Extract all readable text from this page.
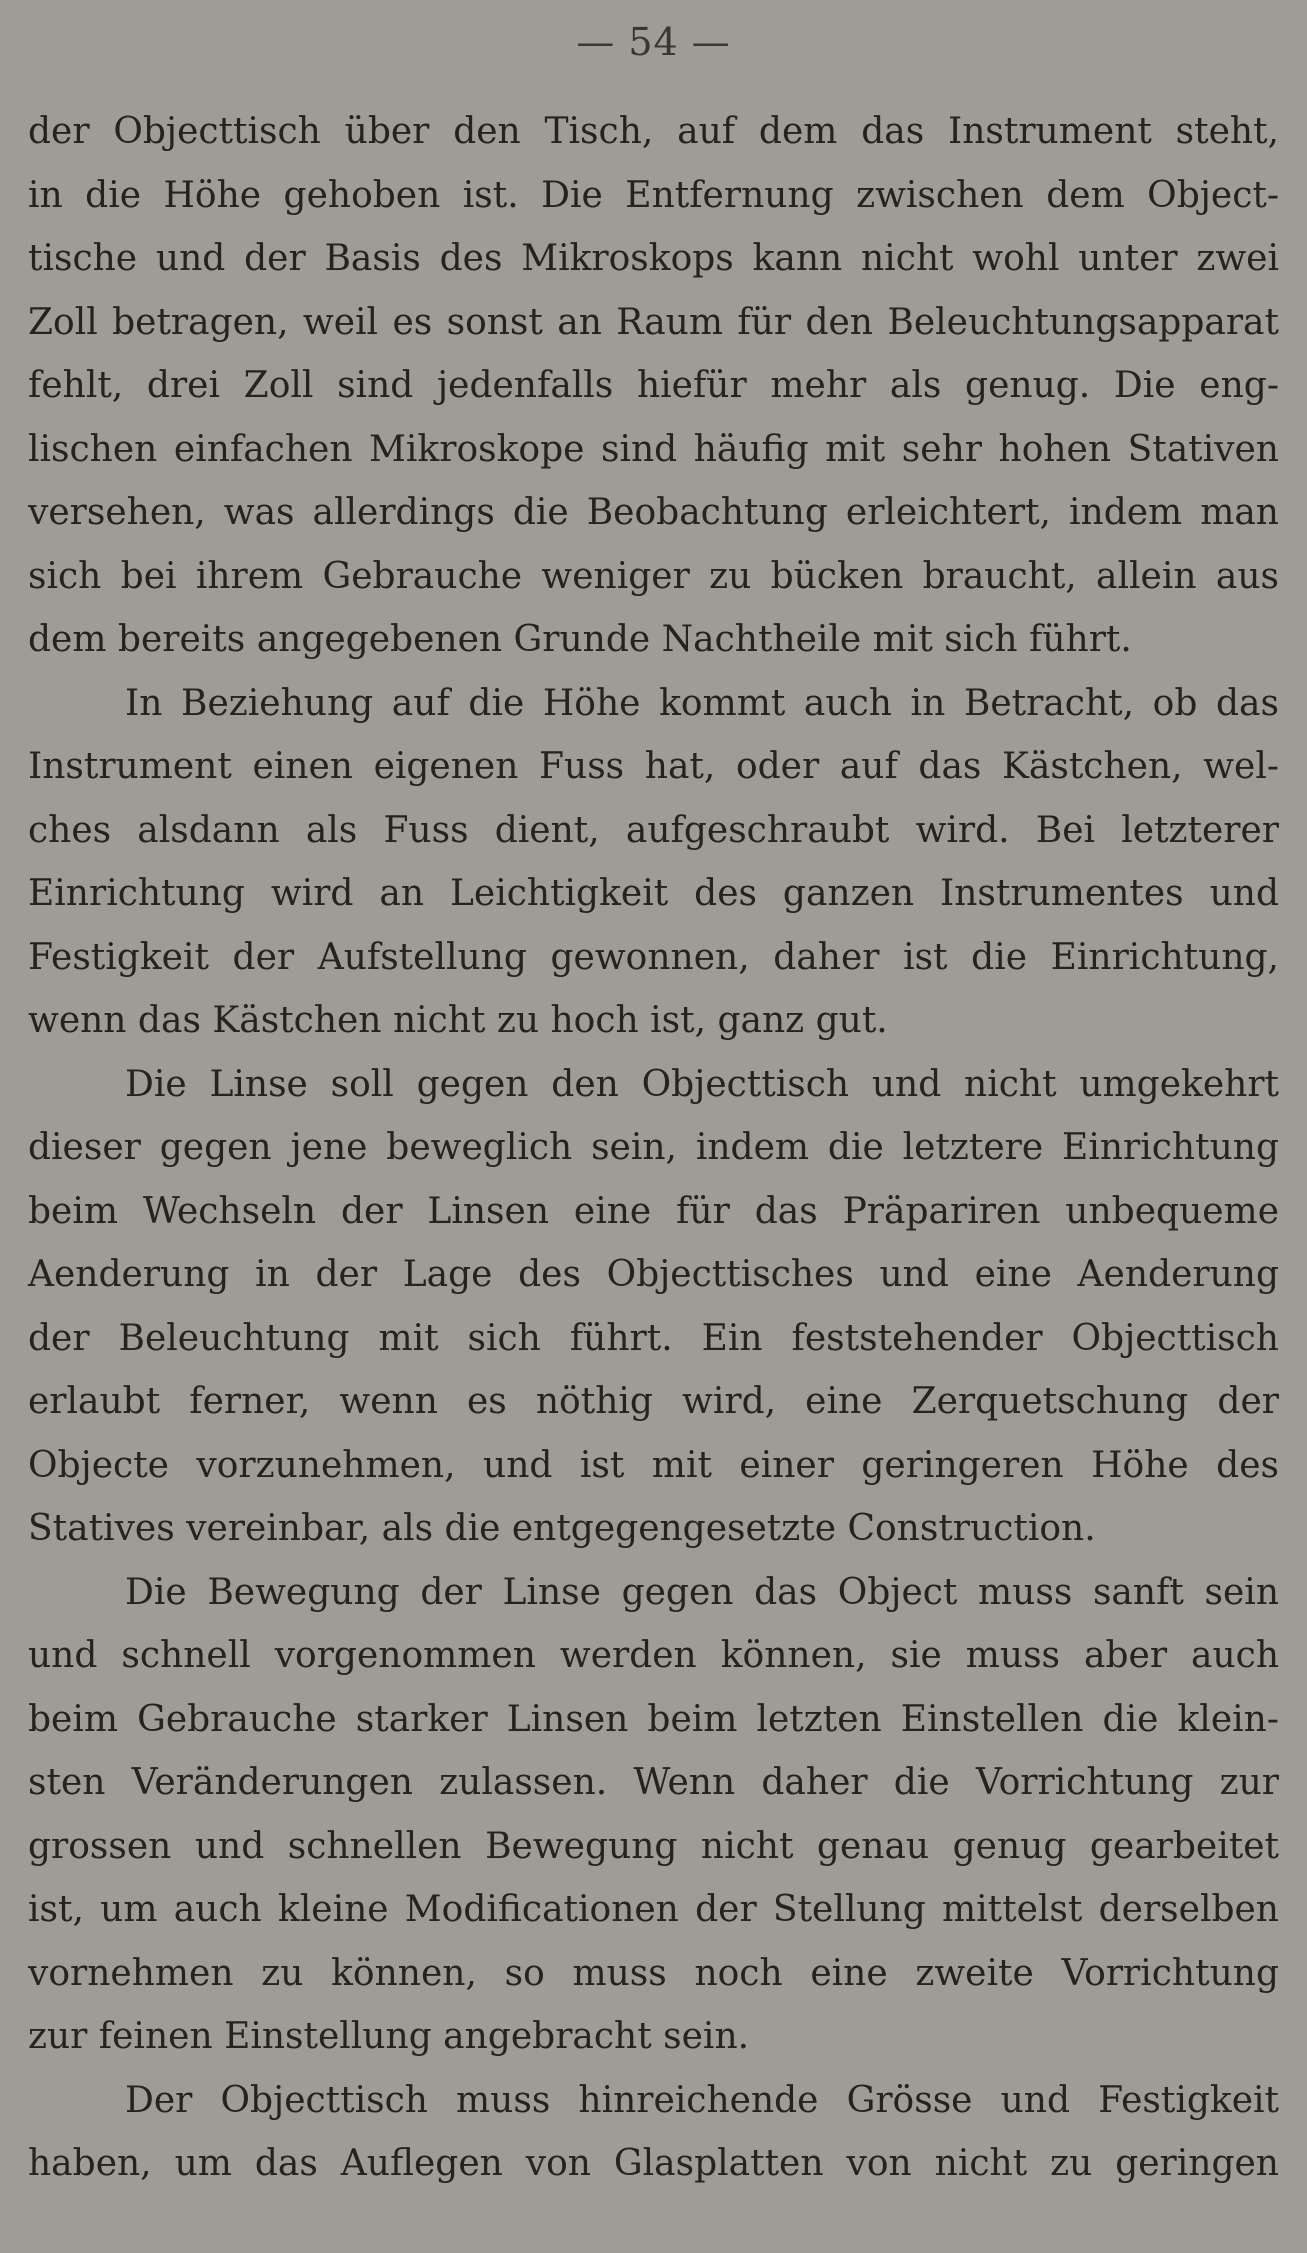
— 54 —
der Objecttisch über den Tisch, auf dem das Instrument steht,
in die Höhe gehoben ist. Die Entfernung zwischen dem Object-
tische und der Basis des Mikroskops kann nicht wohl unter zwei
Zoll betragen, weil es sonst an Raum für den Beleuchtungsapparat
fehlt, drei Zoll sind jedenfalls hiefür mehr als genug. Die eng-
lischen einfachen Mikroskope sind häufig mit sehr hohen Stativen
versehen, was allerdings die Beobachtung erleichtert, indem man
sich bei ihrem Gebrauche weniger zu bücken braucht, allein aus
dem bereits angegebenen Grunde Nachtheile mit sich führt.
In Beziehung auf die Höhe kommt auch in Betracht, ob das
Instrument einen eigenen Fuss hat, oder auf das Kästchen, wel-
ches alsdann als Fuss dient, aufgeschraubt wird. Bei letzterer
Einrichtung wird an Leichtigkeit des ganzen Instrumentes und
Festigkeit der Aufstellung gewonnen, daher ist die Einrichtung,
wenn das Kästchen nicht zu hoch ist, ganz gut.
Die Linse soll gegen den Objecttisch und nicht umgekehrt
dieser gegen jene beweglich sein, indem die letztere Einrichtung
beim Wechseln der Linsen eine für das Präpariren unbequeme
Aenderung in der Lage des Objecttisches und eine Aenderung
der Beleuchtung mit sich führt. Ein feststehender Objecttisch
erlaubt ferner, wenn es nöthig wird, eine Zerquetschung der
Objecte vorzunehmen, und ist mit einer geringeren Höhe des
Statives vereinbar, als die entgegengesetzte Construction.
Die Bewegung der Linse gegen das Object muss sanft sein
und schnell vorgenommen werden können, sie muss aber auch
beim Gebrauche starker Linsen beim letzten Einstellen die klein-
sten Veränderungen zulassen. Wenn daher die Vorrichtung zur
grossen und schnellen Bewegung nicht genau genug gearbeitet
ist, um auch kleine Modificationen der Stellung mittelst derselben
vornehmen zu können, so muss noch eine zweite Vorrichtung
zur feinen Einstellung angebracht sein.
Der Objecttisch muss hinreichende Grösse und Festigkeit
haben, um das Auflegen von Glasplatten von nicht zu geringen
